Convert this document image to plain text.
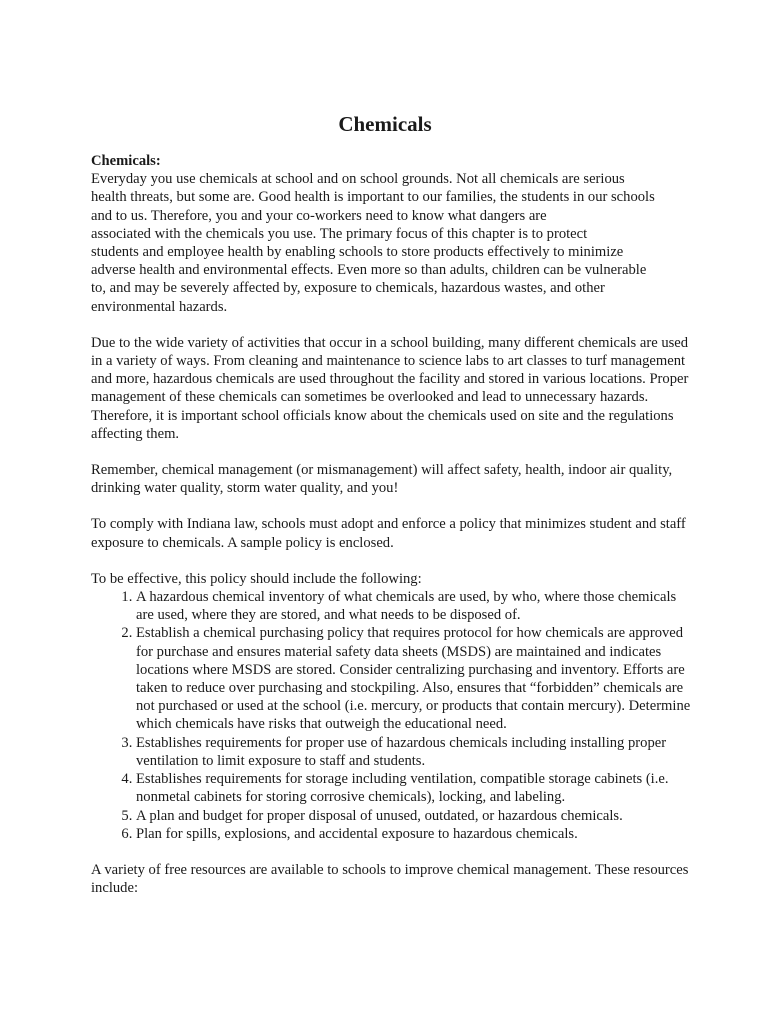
Chemicals

Chemicals:
Everyday you use chemicals at school and on school grounds. Not all chemicals are serious
health threats, but some are. Good health is important to our families, the students in our schools
and to us. Therefore, you and your co-workers need to know what dangers are
associated with the chemicals you use. The primary focus of this chapter is to protect
students and employee health by enabling schools to store products effectively to minimize
adverse health and environmental effects. Even more so than adults, children can be vulnerable
to, and may be severely affected by, exposure to chemicals, hazardous wastes, and other
environmental hazards.

Due to the wide variety of activities that occur in a school building, many different chemicals are used in a variety of ways. From cleaning and maintenance to science labs to art classes to turf management and more, hazardous chemicals are used throughout the facility and stored in various locations. Proper management of these chemicals can sometimes be overlooked and lead to unnecessary hazards. Therefore, it is important school officials know about the chemicals used on site and the regulations affecting them.

Remember, chemical management (or mismanagement) will affect safety, health, indoor air quality, drinking water quality, storm water quality, and you!

To comply with Indiana law, schools must adopt and enforce a policy that minimizes student and staff exposure to chemicals. A sample policy is enclosed.

To be effective, this policy should include the following:
1. A hazardous chemical inventory of what chemicals are used, by who, where those chemicals are used, where they are stored, and what needs to be disposed of.
2. Establish a chemical purchasing policy that requires protocol for how chemicals are approved for purchase and ensures material safety data sheets (MSDS) are maintained and indicates locations where MSDS are stored. Consider centralizing purchasing and inventory. Efforts are taken to reduce over purchasing and stockpiling. Also, ensures that “forbidden” chemicals are not purchased or used at the school (i.e. mercury, or products that contain mercury). Determine which chemicals have risks that outweigh the educational need.
3. Establishes requirements for proper use of hazardous chemicals including installing proper ventilation to limit exposure to staff and students.
4. Establishes requirements for storage including ventilation, compatible storage cabinets (i.e. nonmetal cabinets for storing corrosive chemicals), locking, and labeling.
5. A plan and budget for proper disposal of unused, outdated, or hazardous chemicals.
6. Plan for spills, explosions, and accidental exposure to hazardous chemicals.

A variety of free resources are available to schools to improve chemical management. These resources include:
